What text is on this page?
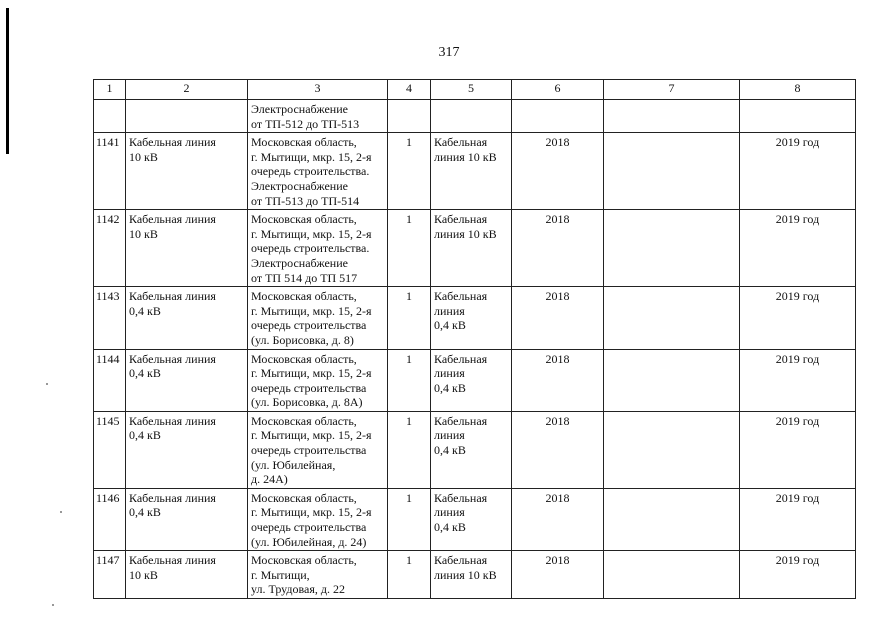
317
1	2	3	4	5	6	7	8
		Электроснабжение
от ТП-512 до ТП-513					
1141	Кабельная линия
10 кВ	Московская область,
г. Мытищи, мкр. 15, 2-я
очередь строительства.
Электроснабжение
от ТП-513 до ТП-514	1	Кабельная
линия 10 кВ	2018		2019 год
1142	Кабельная линия
10 кВ	Московская область,
г. Мытищи, мкр. 15, 2-я
очередь строительства.
Электроснабжение
от ТП 514 до ТП 517	1	Кабельная
линия 10 кВ	2018		2019 год
1143	Кабельная линия
0,4 кВ	Московская область,
г. Мытищи, мкр. 15, 2-я
очередь строительства
(ул. Борисовка, д. 8)	1	Кабельная
линия
0,4 кВ	2018		2019 год
1144	Кабельная линия
0,4 кВ	Московская область,
г. Мытищи, мкр. 15, 2-я
очередь строительства
(ул. Борисовка, д. 8А)	1	Кабельная
линия
0,4 кВ	2018		2019 год
1145	Кабельная линия
0,4 кВ	Московская область,
г. Мытищи, мкр. 15, 2-я
очередь строительства
(ул. Юбилейная,
д. 24А)	1	Кабельная
линия
0,4 кВ	2018		2019 год
1146	Кабельная линия
0,4 кВ	Московская область,
г. Мытищи, мкр. 15, 2-я
очередь строительства
(ул. Юбилейная, д. 24)	1	Кабельная
линия
0,4 кВ	2018		2019 год
1147	Кабельная линия
10 кВ	Московская область,
г. Мытищи,
ул. Трудовая, д. 22	1	Кабельная
линия 10 кВ	2018		2019 год
